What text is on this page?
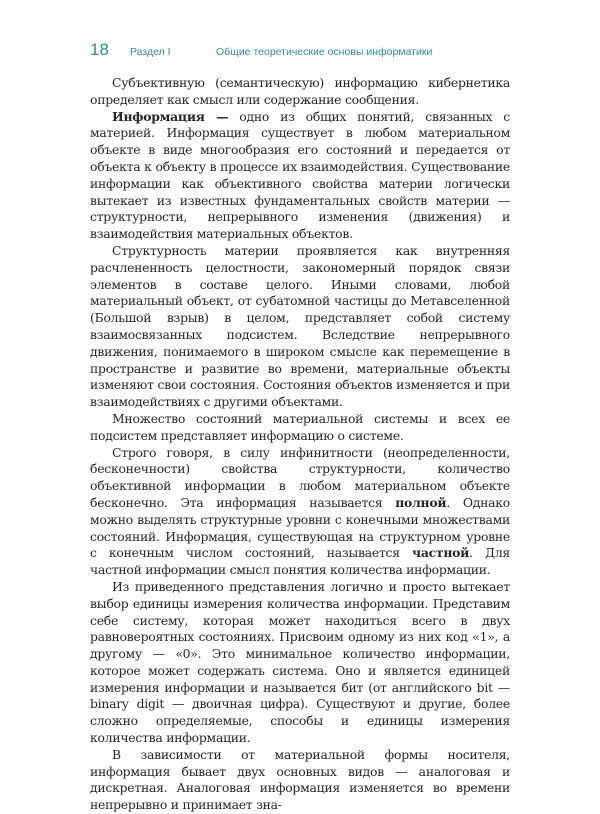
18	Раздел I	Общие теоретические основы информатики

Субъективную (семантическую) информацию кибернетика определяет как смысл или содержание сообщения.

Информация — одно из общих понятий, связанных с материей. Информация существует в любом материальном объекте в виде многообразия его состояний и передается от объекта к объекту в процессе их взаимодействия. Существование информации как объективного свойства материи логически вытекает из известных фундаментальных свойств материи — структурности, непрерывного изменения (движения) и взаимодействия материальных объектов.

Структурность материи проявляется как внутренняя расчлененность целостности, закономерный порядок связи элементов в составе целого. Иными словами, любой материальный объект, от субатомной частицы до Метавселенной (Большой взрыв) в целом, представляет собой систему взаимосвязанных подсистем. Вследствие непрерывного движения, понимаемого в широком смысле как перемещение в пространстве и развитие во времени, материальные объекты изменяют свои состояния. Состояния объектов изменяется и при взаимодействиях с другими объектами.

Множество состояний материальной системы и всех ее подсистем представляет информацию о системе.

Строго говоря, в силу инфинитности (неопределенности, бесконечности) свойства структурности, количество объективной информации в любом материальном объекте бесконечно. Эта информация называется полной. Однако можно выделять структурные уровни с конечными множествами состояний. Информация, существующая на структурном уровне с конечным числом состояний, называется частной. Для частной информации смысл понятия количества информации.

Из приведенного представления логично и просто вытекает выбор единицы измерения количества информации. Представим себе систему, которая может находиться всего в двух равновероятных состояниях. Присвоим одному из них код «1», а другому — «0». Это минимальное количество информации, которое может содержать система. Оно и является единицей измерения информации и называется бит (от английского bit — binary digit — двоичная цифра). Существуют и другие, более сложно определяемые, способы и единицы измерения количества информации.

В зависимости от материальной формы носителя, информация бывает двух основных видов — аналоговая и дискретная. Аналоговая информация изменяется во времени непрерывно и принимает зна-
